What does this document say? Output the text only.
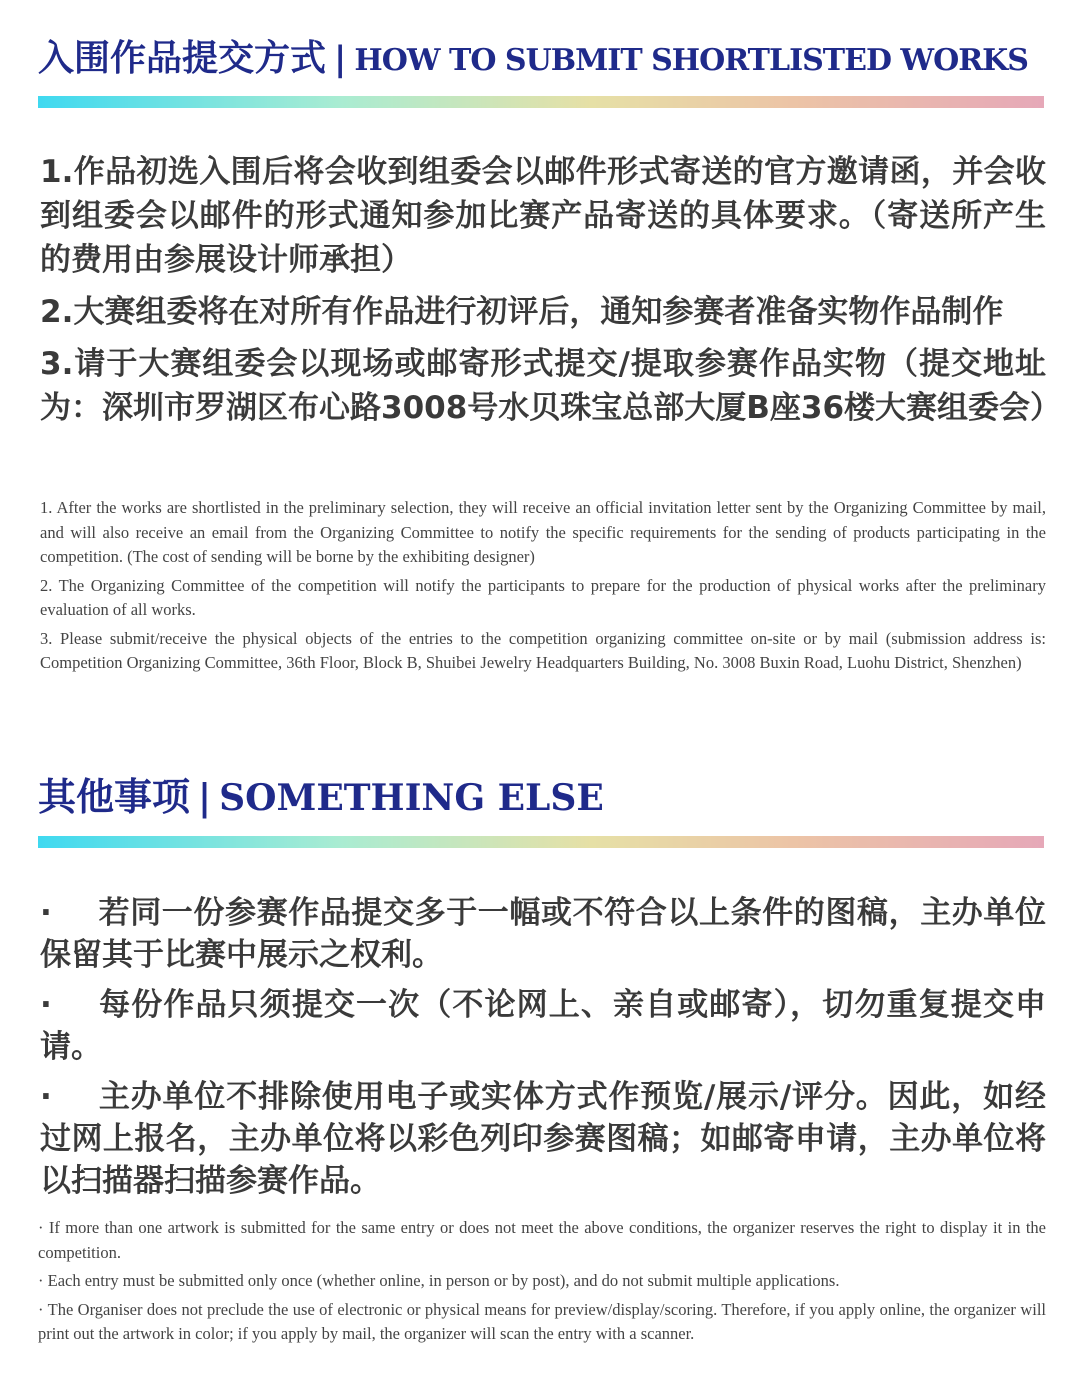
入围作品提交方式 | HOW TO SUBMIT SHORTLISTED WORKS

1.作品初选入围后将会收到组委会以邮件形式寄送的官方邀请函，并会收到组委会以邮件的形式通知参加比赛产品寄送的具体要求。（寄送所产生的费用由参展设计师承担）

2.大赛组委将在对所有作品进行初评后，通知参赛者准备实物作品制作

3.请于大赛组委会以现场或邮寄形式提交/提取参赛作品实物（提交地址为：深圳市罗湖区布心路3008号水贝珠宝总部大厦B座36楼大赛组委会）

1. After the works are shortlisted in the preliminary selection, they will receive an official invitation letter sent by the Organizing Committee by mail, and will also receive an email from the Organizing Committee to notify the specific requirements for the sending of products participating in the competition. (The cost of sending will be borne by the exhibiting designer)

2. The Organizing Committee of the competition will notify the participants to prepare for the production of physical works after the preliminary evaluation of all works.

3. Please submit/receive the physical objects of the entries to the competition organizing committee on-site or by mail (submission address is: Competition Organizing Committee, 36th Floor, Block B, Shuibei Jewelry Headquarters Building, No. 3008 Buxin Road, Luohu District, Shenzhen)

其他事项 | SOMETHING ELSE

· 若同一份参赛作品提交多于一幅或不符合以上条件的图稿，主办单位保留其于比赛中展示之权利。

· 每份作品只须提交一次（不论网上、亲自或邮寄），切勿重复提交申请。

· 主办单位不排除使用电子或实体方式作预览/展示/评分。因此，如经过网上报名，主办单位将以彩色列印参赛图稿；如邮寄申请，主办单位将以扫描器扫描参赛作品。

· If more than one artwork is submitted for the same entry or does not meet the above conditions, the organizer reserves the right to display it in the competition.

· Each entry must be submitted only once (whether online, in person or by post), and do not submit multiple applications.

· The Organiser does not preclude the use of electronic or physical means for preview/display/scoring. Therefore, if you apply online, the organizer will print out the artwork in color; if you apply by mail, the organizer will scan the entry with a scanner.
